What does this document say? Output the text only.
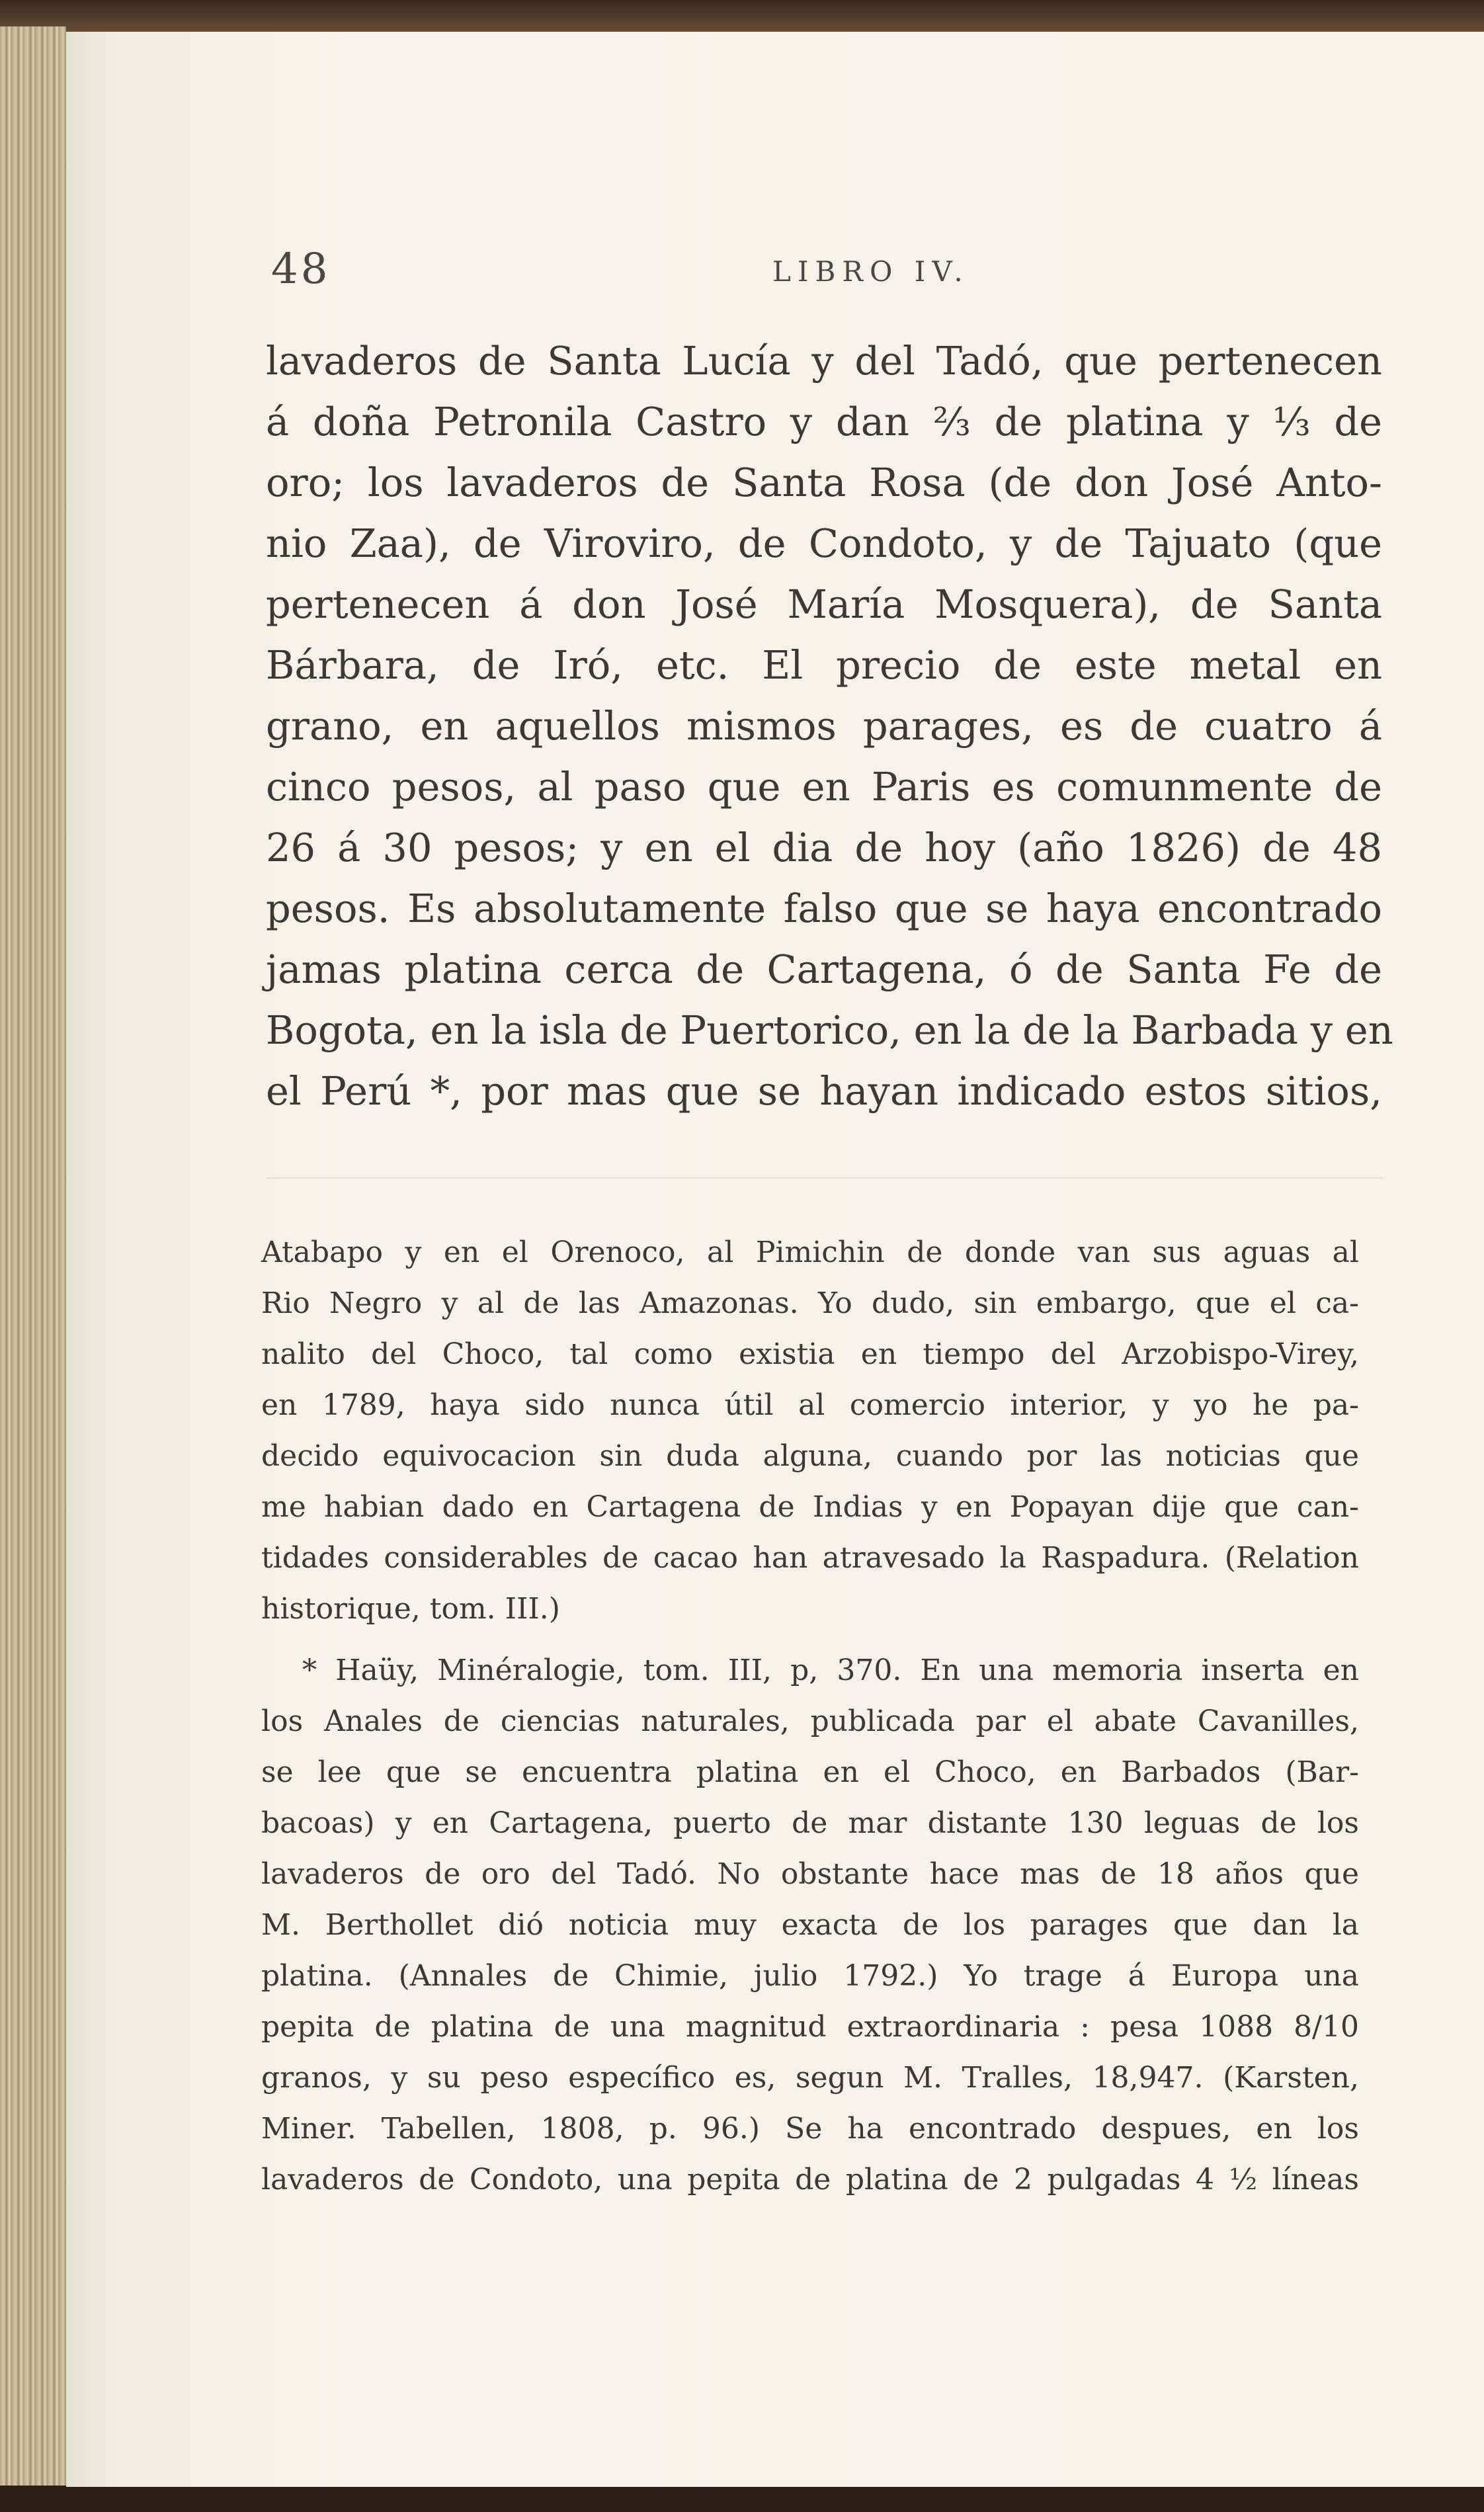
48	LIBRO IV.
lavaderos de Santa Lucía y del Tadó, que pertenecen
á doña Petronila Castro y dan ⅔ de platina y ⅓ de
oro; los lavaderos de Santa Rosa (de don José Anto-
nio Zaa), de Viroviro, de Condoto, y de Tajuato (que
pertenecen á don José María Mosquera), de Santa
Bárbara, de Iró, etc. El precio de este metal en
grano, en aquellos mismos parages, es de cuatro á
cinco pesos, al paso que en Paris es comunmente de
26 á 30 pesos; y en el dia de hoy (año 1826) de 48
pesos. Es absolutamente falso que se haya encontrado
jamas platina cerca de Cartagena, ó de Santa Fe de
Bogota, en la isla de Puertorico, en la de la Barbada y en
el Perú *, por mas que se hayan indicado estos sitios,
Atabapo y en el Orenoco, al Pimichin de donde van sus aguas al
Rio Negro y al de las Amazonas. Yo dudo, sin embargo, que el ca-
nalito del Choco, tal como existia en tiempo del Arzobispo-Virey,
en 1789, haya sido nunca útil al comercio interior, y yo he pa-
decido equivocacion sin duda alguna, cuando por las noticias que
me habian dado en Cartagena de Indias y en Popayan dije que can-
tidades considerables de cacao han atravesado la Raspadura. (Relation
historique, tom. III.)
* Haüy, Minéralogie, tom. III, p, 370. En una memoria inserta en
los Anales de ciencias naturales, publicada par el abate Cavanilles,
se lee que se encuentra platina en el Choco, en Barbados (Bar-
bacoas) y en Cartagena, puerto de mar distante 130 leguas de los
lavaderos de oro del Tadó. No obstante hace mas de 18 años que
M. Berthollet dió noticia muy exacta de los parages que dan la
platina. (Annales de Chimie, julio 1792.) Yo trage á Europa una
pepita de platina de una magnitud extraordinaria : pesa 1088 8/10
granos, y su peso específico es, segun M. Tralles, 18,947. (Karsten,
Miner. Tabellen, 1808, p. 96.) Se ha encontrado despues, en los
lavaderos de Condoto, una pepita de platina de 2 pulgadas 4 ½ líneas
